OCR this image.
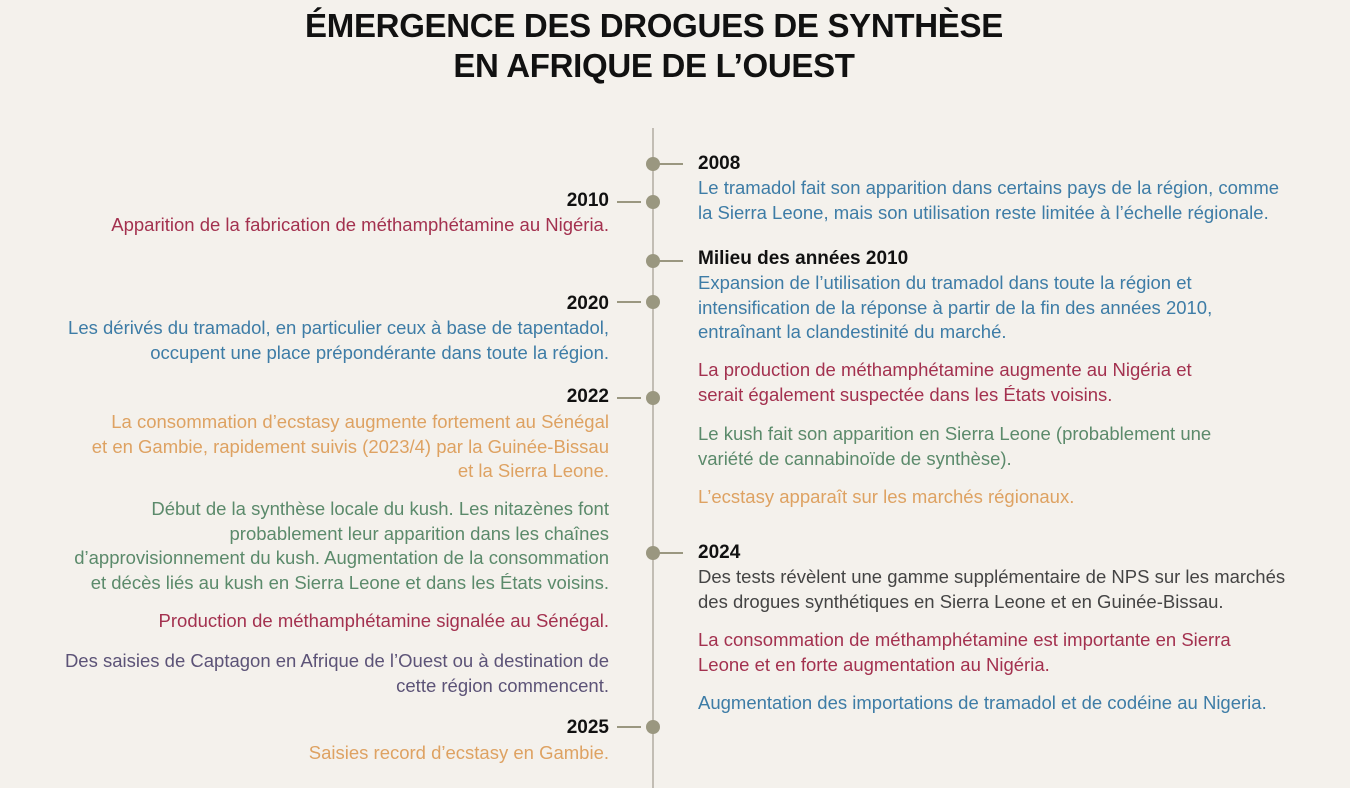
ÉMERGENCE DES DROGUES DE SYNTHÈSE
EN AFRIQUE DE L’OUEST
2008
Le tramadol fait son apparition dans certains pays de la région, comme
la Sierra Leone, mais son utilisation reste limitée à l’échelle régionale.
2010
Apparition de la fabrication de méthamphétamine au Nigéria.
Milieu des années 2010
Expansion de l’utilisation du tramadol dans toute la région et
intensification de la réponse à partir de la fin des années 2010,
entraînant la clandestinité du marché.
La production de méthamphétamine augmente au Nigéria et
serait également suspectée dans les États voisins.
Le kush fait son apparition en Sierra Leone (probablement une
variété de cannabinoïde de synthèse).
L’ecstasy apparaît sur les marchés régionaux.
2020
Les dérivés du tramadol, en particulier ceux à base de tapentadol,
occupent une place prépondérante dans toute la région.
2022
La consommation d’ecstasy augmente fortement au Sénégal
et en Gambie, rapidement suivis (2023/4) par la Guinée-Bissau
et la Sierra Leone.
Début de la synthèse locale du kush. Les nitazènes font
probablement leur apparition dans les chaînes
d’approvisionnement du kush. Augmentation de la consommation
et décès liés au kush en Sierra Leone et dans les États voisins.
Production de méthamphétamine signalée au Sénégal.
Des saisies de Captagon en Afrique de l’Ouest ou à destination de
cette région commencent.
2024
Des tests révèlent une gamme supplémentaire de NPS sur les marchés
des drogues synthétiques en Sierra Leone et en Guinée-Bissau.
La consommation de méthamphétamine est importante en Sierra
Leone et en forte augmentation au Nigéria.
Augmentation des importations de tramadol et de codéine au Nigeria.
2025
Saisies record d’ecstasy en Gambie.
